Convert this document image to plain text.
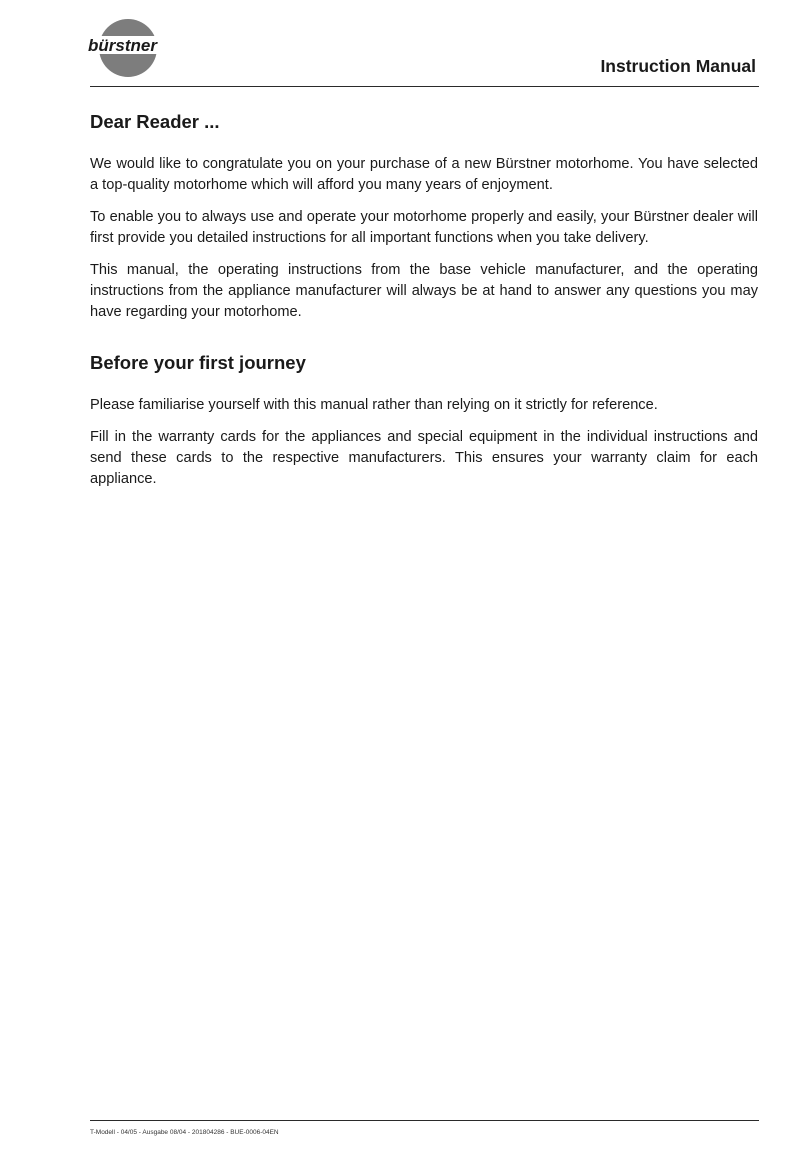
bürstner
Instruction Manual
Dear Reader ...

We would like to congratulate you on your purchase of a new Bürstner motorhome. You have selected a top-quality motorhome which will afford you many years of enjoyment.

To enable you to always use and operate your motorhome properly and easily, your Bürstner dealer will first provide you detailed instructions for all important functions when you take delivery.

This manual, the operating instructions from the base vehicle manufacturer, and the operating instructions from the appliance manufacturer will always be at hand to answer any questions you may have regarding your motorhome.

Before your first journey

Please familiarise yourself with this manual rather than relying on it strictly for reference.

Fill in the warranty cards for the appliances and special equipment in the individual instructions and send these cards to the respective manufacturers. This ensures your warranty claim for each appliance.

T-Modell - 04/05 - Ausgabe 08/04 - 201804286 - BUE-0006-04EN
